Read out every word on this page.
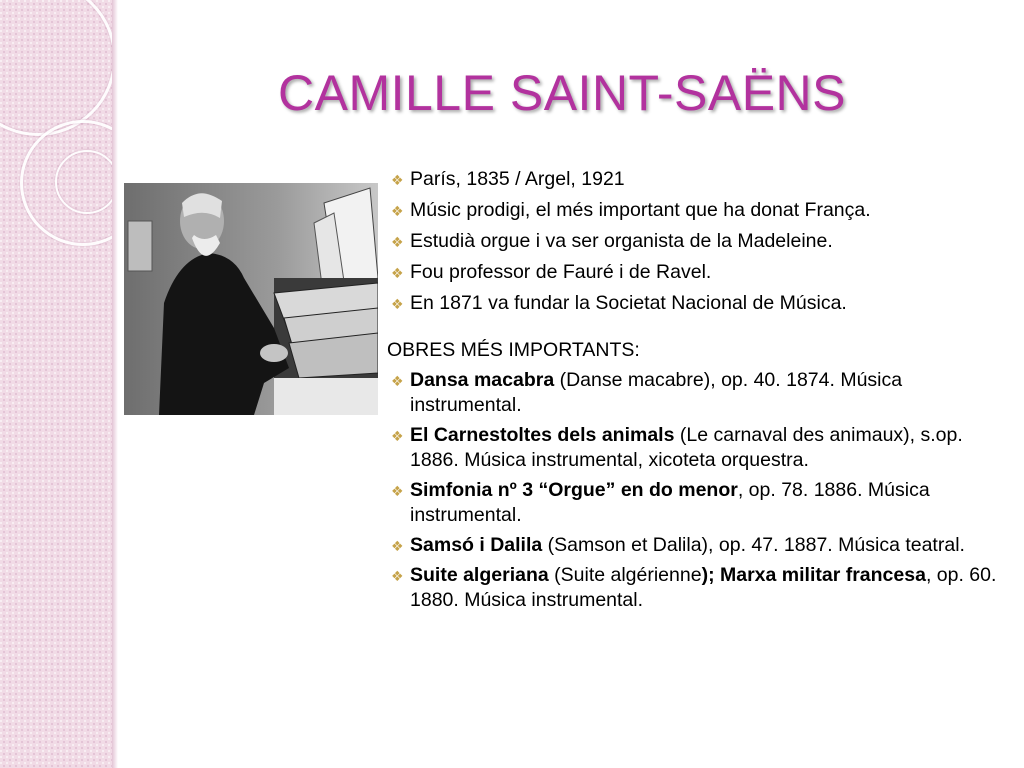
CAMILLE SAINT-SAËNS
❖ París, 1835 / Argel, 1921
❖ Músic prodigi, el més important que ha donat França.
❖ Estudià orgue i va ser organista de la Madeleine.
❖ Fou professor de Fauré i de Ravel.
❖ En 1871 va fundar la Societat Nacional de Música.
OBRES MÉS IMPORTANTS:
❖ Dansa macabra (Danse macabre), op. 40. 1874. Música instrumental.
❖ El Carnestoltes dels animals (Le carnaval des animaux), s.op. 1886. Música instrumental, xicoteta orquestra.
❖ Simfonia nº 3 “Orgue” en do menor, op. 78. 1886. Música instrumental.
❖ Samsó i Dalila (Samson et Dalila), op. 47. 1887. Música teatral.
❖ Suite algeriana (Suite algérienne); Marxa militar francesa, op. 60. 1880. Música instrumental.
